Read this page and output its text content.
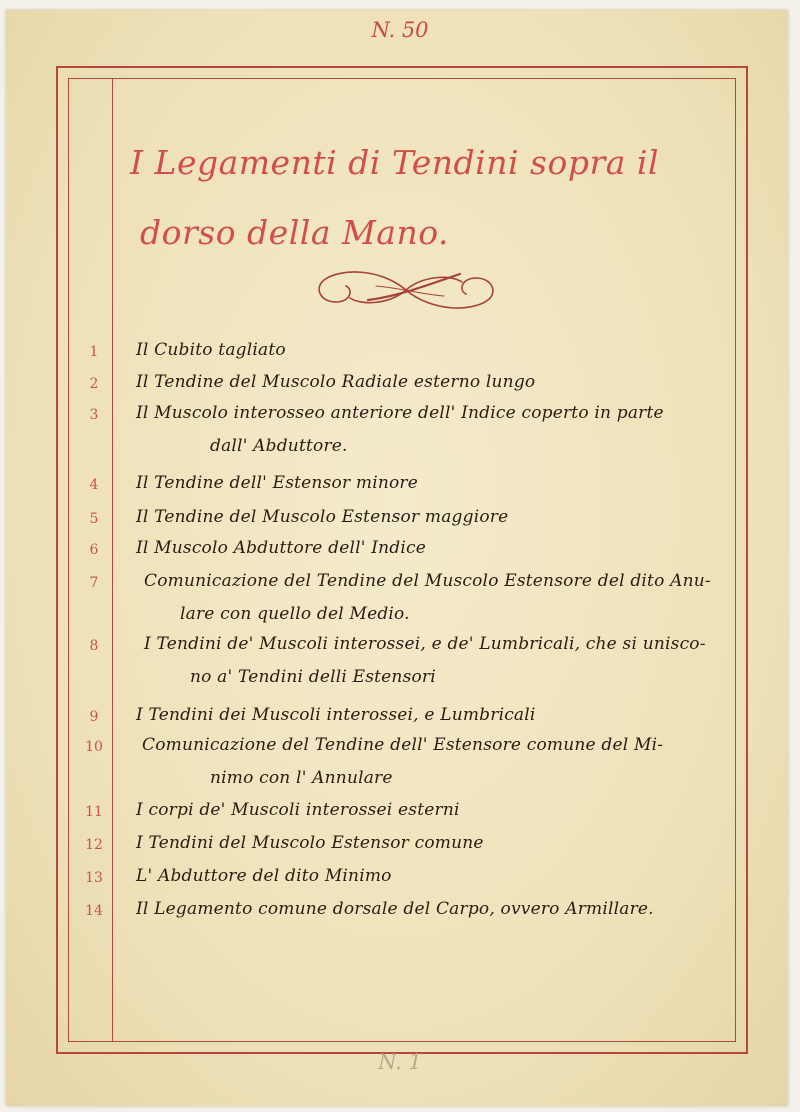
N. 50
I Legamenti di Tendini sopra il
dorso della Mano.
1	Il Cubito tagliato
2	Il Tendine del Muscolo Radiale esterno lungo
3	Il Muscolo interosseo anteriore dell' Indice coperto in parte
dall' Abduttore.
4	Il Tendine dell' Estensor minore
5	Il Tendine del Muscolo Estensor maggiore
6	Il Muscolo Abduttore dell' Indice
7	Comunicazione del Tendine del Muscolo Estensore del dito Anu-
lare con quello del Medio.
8	I Tendini de' Muscoli interossei, e de' Lumbricali, che si unisco-
no a' Tendini delli Estensori
9	I Tendini dei Muscoli interossei, e Lumbricali
10 Comunicazione del Tendine dell' Estensore comune del Mi-
nimo con l' Annulare
11 I corpi de' Muscoli interossei esterni
12 I Tendini del Muscolo Estensor comune
13 L' Abduttore del dito Minimo
14 Il Legamento comune dorsale del Carpo, ovvero Armillare.
N. 1
